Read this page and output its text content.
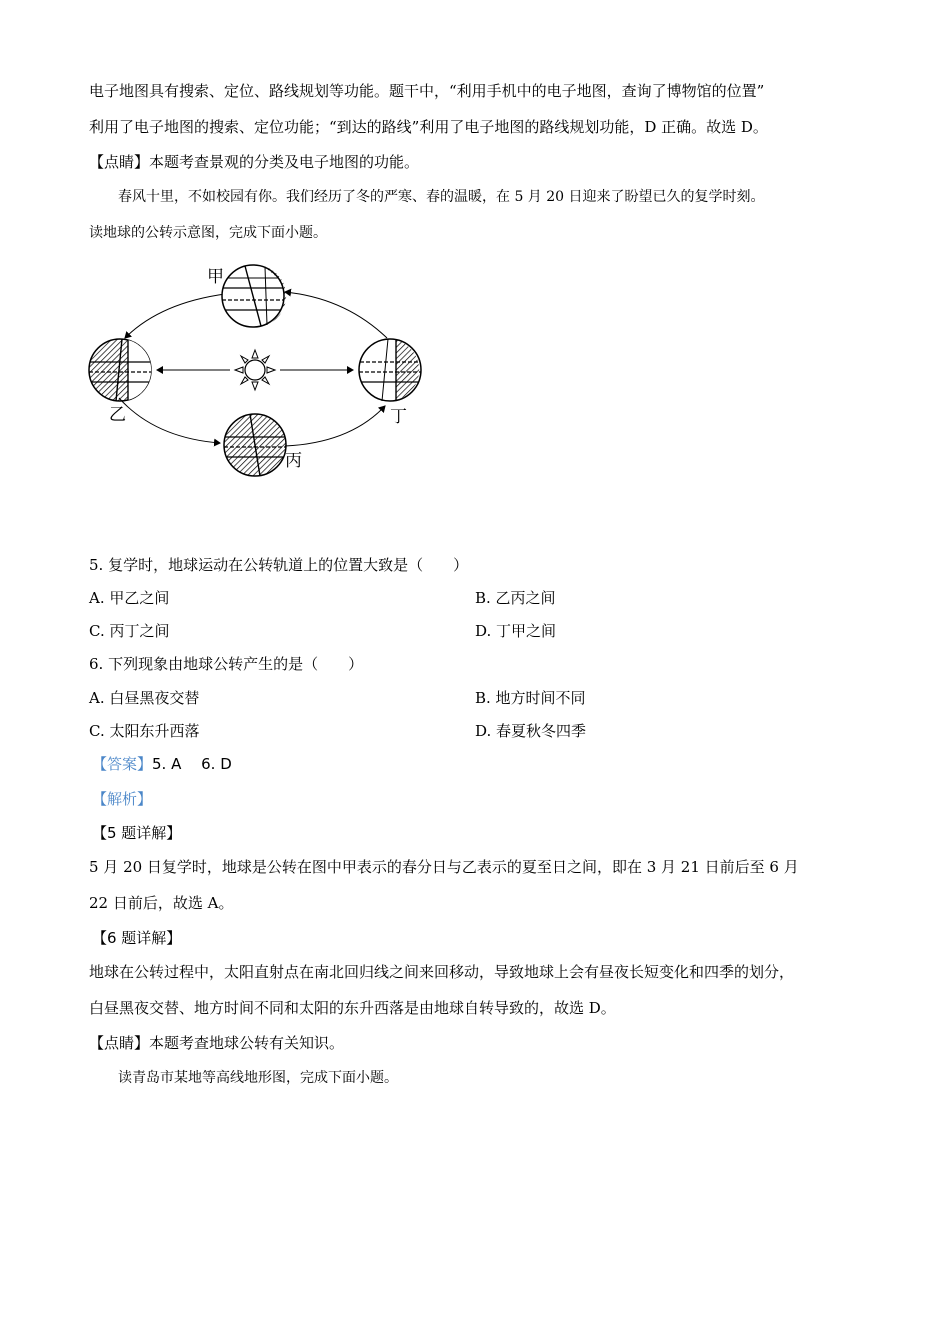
电子地图具有搜索、定位、路线规划等功能。题干中，“利用手机中的电子地图，查询了博物馆的位置”
利用了电子地图的搜索、定位功能；“到达的路线”利用了电子地图的路线规划功能，D 正确。故选 D。
【点睛】本题考查景观的分类及电子地图的功能。
春风十里，不如校园有你。我们经历了冬的严寒、春的温暖，在 5 月 20 日迎来了盼望已久的复学时刻。
读地球的公转示意图，完成下面小题。
甲
乙
丙
丁
5. 复学时，地球运动在公转轨道上的位置大致是（　　）
A. 甲乙之间	B. 乙丙之间
C. 丙丁之间	D. 丁甲之间
6. 下列现象由地球公转产生的是（　　）
A. 白昼黑夜交替	B. 地方时间不同
C. 太阳东升西落	D. 春夏秋冬四季
【答案】5. A　 6. D
【解析】
【5 题详解】
5 月 20 日复学时，地球是公转在图中甲表示的春分日与乙表示的夏至日之间，即在 3 月 21 日前后至 6 月
22 日前后，故选 A。
【6 题详解】
地球在公转过程中，太阳直射点在南北回归线之间来回移动，导致地球上会有昼夜长短变化和四季的划分，
白昼黑夜交替、地方时间不同和太阳的东升西落是由地球自转导致的，故选 D。
【点睛】本题考查地球公转有关知识。
读青岛市某地等高线地形图，完成下面小题。
